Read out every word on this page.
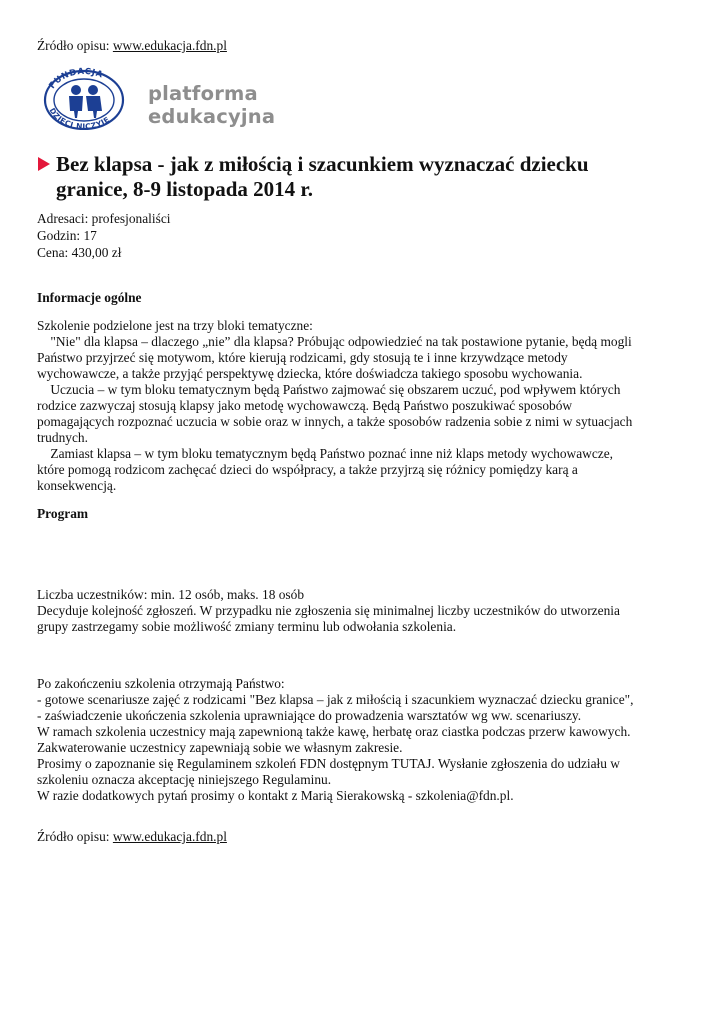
Źródło opisu: www.edukacja.fdn.pl
FUNDACJA
DZIECI NICZYJE
platforma edukacyjna
Bez klapsa - jak z miłością i szacunkiem wyznaczać dziecku
granice, 8-9 listopada 2014 r.
Adresaci: profesjonaliści
Godzin: 17
Cena: 430,00 zł
Informacje ogólne
Szkolenie podzielone jest na trzy bloki tematyczne:
"Nie" dla klapsa – dlaczego „nie” dla klapsa? Próbując odpowiedzieć na tak postawione pytanie, będą mogli
Państwo przyjrzeć się motywom, które kierują rodzicami, gdy stosują te i inne krzywdzące metody
wychowawcze, a także przyjąć perspektywę dziecka, które doświadcza takiego sposobu wychowania.
Uczucia – w tym bloku tematycznym będą Państwo zajmować się obszarem uczuć, pod wpływem których
rodzice zazwyczaj stosują klapsy jako metodę wychowawczą. Będą Państwo poszukiwać sposobów
pomagających rozpoznać uczucia w sobie oraz w innych, a także sposobów radzenia sobie z nimi w sytuacjach
trudnych.
Zamiast klapsa – w tym bloku tematycznym będą Państwo poznać inne niż klaps metody wychowawcze,
które pomogą rodzicom zachęcać dzieci do współpracy, a także przyjrzą się różnicy pomiędzy karą a
konsekwencją.
Program
Liczba uczestników: min. 12 osób, maks. 18 osób
Decyduje kolejność zgłoszeń. W przypadku nie zgłoszenia się minimalnej liczby uczestników do utworzenia
grupy zastrzegamy sobie możliwość zmiany terminu lub odwołania szkolenia.
Po zakończeniu szkolenia otrzymają Państwo:
- gotowe scenariusze zajęć z rodzicami "Bez klapsa – jak z miłością i szacunkiem wyznaczać dziecku granice",
- zaświadczenie ukończenia szkolenia uprawniające do prowadzenia warsztatów wg ww. scenariuszy.
W ramach szkolenia uczestnicy mają zapewnioną także kawę, herbatę oraz ciastka podczas przerw kawowych.
Zakwaterowanie uczestnicy zapewniają sobie we własnym zakresie.
Prosimy o zapoznanie się Regulaminem szkoleń FDN dostępnym TUTAJ. Wysłanie zgłoszenia do udziału w
szkoleniu oznacza akceptację niniejszego Regulaminu.
W razie dodatkowych pytań prosimy o kontakt z Marią Sierakowską - szkolenia@fdn.pl.
Źródło opisu: www.edukacja.fdn.pl
